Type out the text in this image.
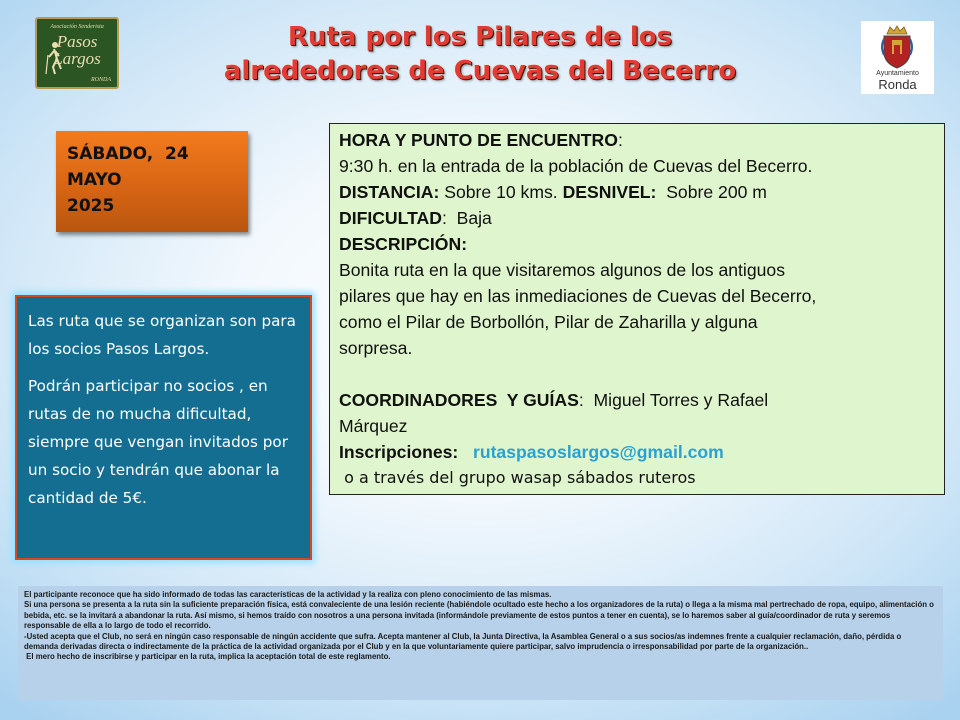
Asociación Senderista
Pasos
Largos
RONDA
Ayuntamiento
Ronda
Ruta por los Pilares de los
alrededores de Cuevas del Becerro
SÁBADO,  24
MAYO
2025

Las ruta que se organizan son para los socios Pasos Largos.

Podrán participar no socios , en rutas de no mucha dificultad, siempre que vengan invitados por un socio y tendrán que abonar la cantidad de 5€.

HORA Y PUNTO DE ENCUENTRO:
9:30 h. en la entrada de la población de Cuevas del Becerro.
DISTANCIA: Sobre 10 kms. DESNIVEL:  Sobre 200 m
DIFICULTAD:  Baja
DESCRIPCIÓN:
Bonita ruta en la que visitaremos algunos de los antiguos
pilares que hay en las inmediaciones de Cuevas del Becerro,
como el Pilar de Borbollón, Pilar de Zaharilla y alguna
sorpresa.
COORDINADORES  Y GUÍAS:  Miguel Torres y Rafael
Márquez
Inscripciones: rutaspasoslargos@gmail.com
o a través del grupo wasap sábados ruteros
El participante reconoce que ha sido informado de todas las características de la actividad y la realiza con pleno conocimiento de las mismas.
Si una persona se presenta a la ruta sin la suficiente preparación física, está convaleciente de una lesión reciente (habiéndole ocultado este hecho a los organizadores de la ruta) o llega a la misma mal pertrechado de ropa, equipo, alimentación o bebida, etc. se la invitará a abandonar la ruta. Así mismo, si hemos traído con nosotros a una persona invitada (informándole previamente de estos puntos a tener en cuenta), se lo haremos saber al guía/coordinador de ruta y seremos responsable de ella a lo largo de todo el recorrido.
-Usted acepta que el Club, no será en ningún caso responsable de ningún accidente que sufra. Acepta mantener al Club, la Junta Directiva, la Asamblea General o a sus socios/as indemnes frente a cualquier reclamación, daño, pérdida o demanda derivadas directa o indirectamente de la práctica de la actividad organizada por el Club y en la que voluntariamente quiere participar, salvo imprudencia o irresponsabilidad por parte de la organización..
El mero hecho de inscribirse y participar en la ruta, implica la aceptación total de este reglamento.
